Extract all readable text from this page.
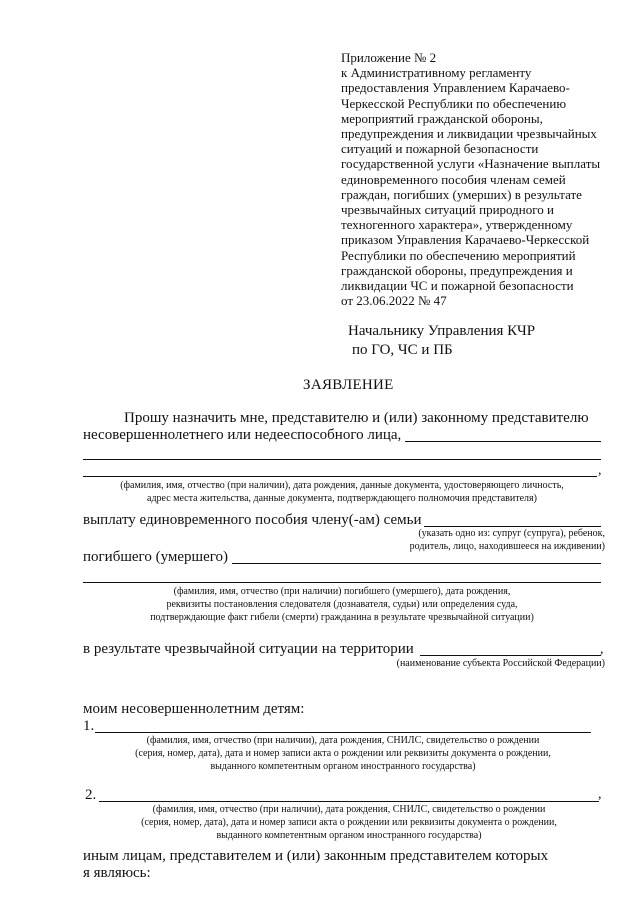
Приложение № 2
к Административному регламенту
предоставления Управлением Карачаево-
Черкесской Республики по обеспечению
мероприятий гражданской обороны,
предупреждения и ликвидации чрезвычайных
ситуаций и пожарной безопасности
государственной услуги «Назначение выплаты
единовременного пособия членам семей
граждан, погибших (умерших) в результате
чрезвычайных ситуаций природного и
техногенного характера», утвержденному
приказом Управления Карачаево-Черкесской
Республики по обеспечению мероприятий
гражданской обороны, предупреждения и
ликвидации ЧС и пожарной безопасности
от 23.06.2022 № 47
Начальнику Управления КЧР
по ГО, ЧС и ПБ
ЗАЯВЛЕНИЕ
Прошу назначить мне, представителю и (или) законному представителю
несовершеннолетнего или недееспособного лица,
,
(фамилия, имя, отчество (при наличии), дата рождения, данные документа, удостоверяющего личность,
адрес места жительства, данные документа, подтверждающего полномочия представителя)
выплату единовременного пособия члену(-ам) семьи
(указать одно из: супруг (супруга), ребенок,
родитель, лицо, находившееся на иждивении)
погибшего (умершего)
(фамилия, имя, отчество (при наличии) погибшего (умершего), дата рождения,
реквизиты постановления следователя (дознавателя, судьи) или определения суда,
подтверждающие факт гибели (смерти) гражданина в результате чрезвычайной ситуации)
в результате чрезвычайной ситуации на территории	,
(наименование субъекта Российской Федерации)
моим несовершеннолетним детям:
1.
(фамилия, имя, отчество (при наличии), дата рождения, СНИЛС, свидетельство о рождении
(серия, номер, дата), дата и номер записи акта о рождении или реквизиты документа о рождении,
выданного компетентным органом иностранного государства)
2.	,
(фамилия, имя, отчество (при наличии), дата рождения, СНИЛС, свидетельство о рождении
(серия, номер, дата), дата и номер записи акта о рождении или реквизиты документа о рождении,
выданного компетентным органом иностранного государства)
иным лицам, представителем и (или) законным представителем которых
я являюсь:
